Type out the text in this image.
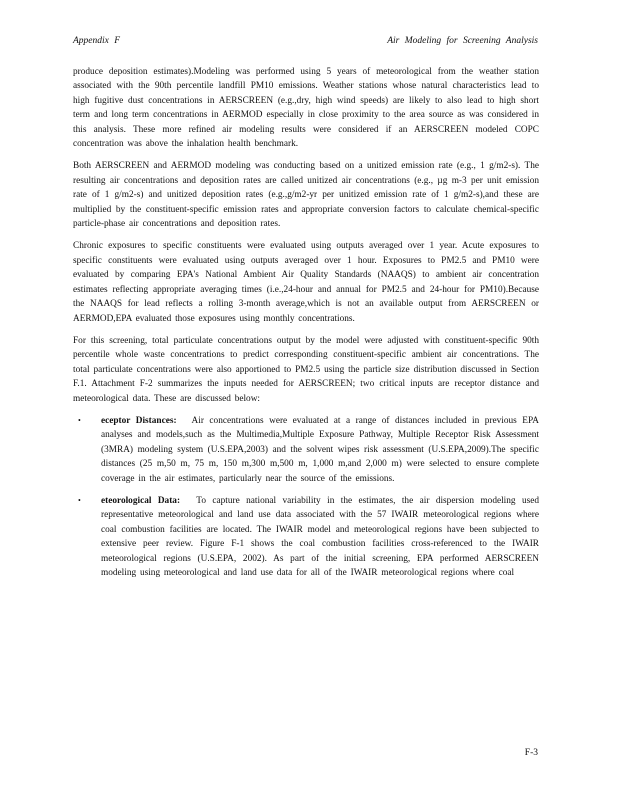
Appendix F	Air Modeling for Screening Analysis

produce deposition estimates).Modeling was performed using 5 years of meteorological from the weather station associated with the 90th percentile landfill PM10 emissions. Weather stations whose natural characteristics lead to high fugitive dust concentrations in AERSCREEN (e.g.,dry, high wind speeds) are likely to also lead to high short term and long term concentrations in AERMOD especially in close proximity to the area source as was considered in this analysis. These more refined air modeling results were considered if an AERSCREEN modeled COPC concentration was above the inhalation health benchmark.

Both AERSCREEN and AERMOD modeling was conducting based on a unitized emission rate (e.g., 1 g/m2-s). The resulting air concentrations and deposition rates are called unitized air concentrations (e.g., µg m-3 per unit emission rate of 1 g/m2-s) and unitized deposition rates (e.g.,g/m2-yr per unitized emission rate of 1 g/m2-s),and these are multiplied by the constituent-specific emission rates and appropriate conversion factors to calculate chemical-specific particle-phase air concentrations and deposition rates.

Chronic exposures to specific constituents were evaluated using outputs averaged over 1 year. Acute exposures to specific constituents were evaluated using outputs averaged over 1 hour. Exposures to PM2.5 and PM10 were evaluated by comparing EPA's National Ambient Air Quality Standards (NAAQS) to ambient air concentration estimates reflecting appropriate averaging times (i.e.,24-hour and annual for PM2.5 and 24-hour for PM10).Because the NAAQS for lead reflects a rolling 3-month average,which is not an available output from AERSCREEN or AERMOD,EPA evaluated those exposures using monthly concentrations.

For this screening, total particulate concentrations output by the model were adjusted with constituent-specific 90th percentile whole waste concentrations to predict corresponding constituent-specific ambient air concentrations. The total particulate concentrations were also apportioned to PM2.5 using the particle size distribution discussed in Section F.1. Attachment F-2 summarizes the inputs needed for AERSCREEN; two critical inputs are receptor distance and meteorological data. These are discussed below:

• eceptor Distances: Air concentrations were evaluated at a range of distances included in previous EPA analyses and models,such as the Multimedia,Multiple Exposure Pathway, Multiple Receptor Risk Assessment (3MRA) modeling system (U.S.EPA,2003) and the solvent wipes risk assessment (U.S.EPA,2009).The specific distances (25 m,50 m, 75 m, 150 m,300 m,500 m, 1,000 m,and 2,000 m) were selected to ensure complete coverage in the air estimates, particularly near the source of the emissions.
• eteorological Data: To capture national variability in the estimates, the air dispersion modeling used representative meteorological and land use data associated with the 57 IWAIR meteorological regions where coal combustion facilities are located. The IWAIR model and meteorological regions have been subjected to extensive peer review. Figure F-1 shows the coal combustion facilities cross-referenced to the IWAIR meteorological regions (U.S.EPA, 2002). As part of the initial screening, EPA performed AERSCREEN modeling using meteorological and land use data for all of the IWAIR meteorological regions where coal
F-3
